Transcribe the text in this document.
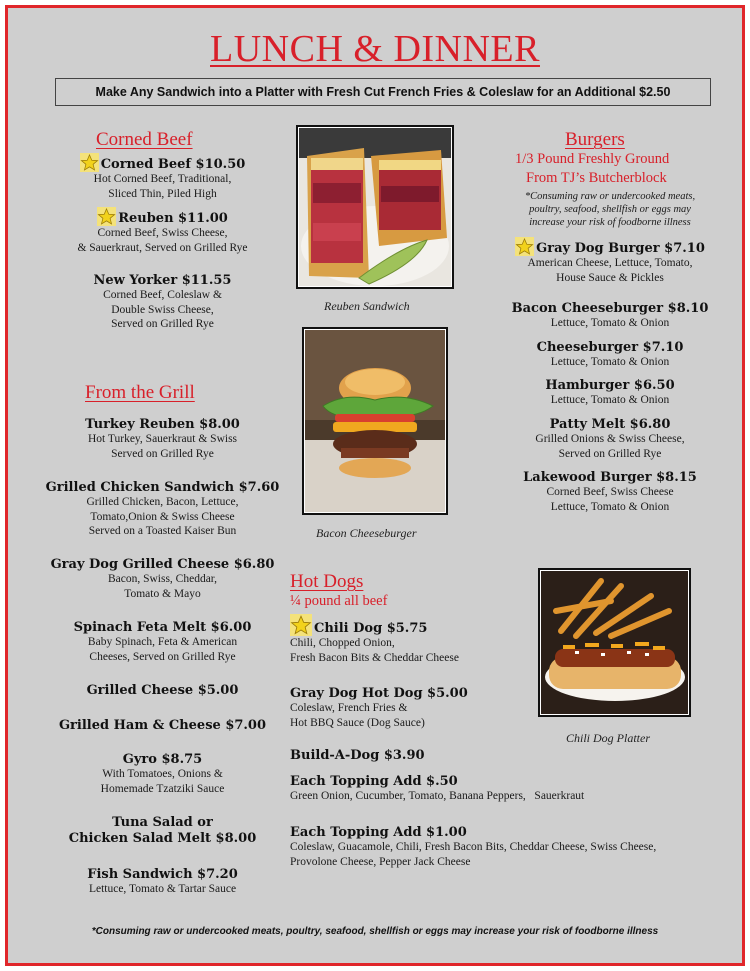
LUNCH & DINNER
Make Any Sandwich into a Platter with Fresh Cut French Fries & Coleslaw for an Additional $2.50
Corned Beef
Corned Beef $10.50
Hot Corned Beef, Traditional,
Sliced Thin, Piled High
Reuben $11.00
Corned Beef, Swiss Cheese,
& Sauerkraut, Served on Grilled Rye
New Yorker $11.55
Corned Beef, Coleslaw &
Double Swiss Cheese,
Served on Grilled Rye
From the Grill
Turkey Reuben $8.00
Hot Turkey, Sauerkraut & Swiss
Served on Grilled Rye
Grilled Chicken Sandwich $7.60
Grilled Chicken, Bacon, Lettuce,
Tomato,Onion & Swiss Cheese
Served on a Toasted Kaiser Bun
Gray Dog Grilled Cheese $6.80
Bacon, Swiss, Cheddar,
Tomato & Mayo
Spinach Feta Melt $6.00
Baby Spinach, Feta & American
Cheeses, Served on Grilled Rye
Grilled Cheese $5.00
Grilled Ham & Cheese $7.00
Gyro $8.75
With Tomatoes, Onions &
Homemade Tzatziki Sauce
Tuna Salad or
Chicken Salad Melt $8.00
Fish Sandwich $7.20
Lettuce, Tomato & Tartar Sauce
Reuben Sandwich
Bacon Cheeseburger
Burgers
1/3 Pound Freshly Ground
From TJ’s Butcherblock
*Consuming raw or undercooked meats,
poultry, seafood, shellfish or eggs may
increase your risk of foodborne illness
Gray Dog Burger $7.10
American Cheese, Lettuce, Tomato,
House Sauce & Pickles
Bacon Cheeseburger $8.10
Lettuce, Tomato & Onion
Cheeseburger $7.10
Lettuce, Tomato & Onion
Hamburger $6.50
Lettuce, Tomato & Onion
Patty Melt $6.80
Grilled Onions & Swiss Cheese,
Served on Grilled Rye
Lakewood Burger $8.15
Corned Beef, Swiss Cheese
Lettuce, Tomato & Onion
Hot Dogs
¼ pound all beef
Chili Dog $5.75
Chili, Chopped Onion,
Fresh Bacon Bits & Cheddar Cheese
Gray Dog Hot Dog $5.00
Coleslaw, French Fries &
Hot BBQ Sauce (Dog Sauce)
Build-A-Dog $3.90
Each Topping Add $.50
Green Onion, Cucumber, Tomato, Banana Peppers,   Sauerkraut
Each Topping Add $1.00
Coleslaw, Guacamole, Chili, Fresh Bacon Bits, Cheddar Cheese, Swiss Cheese,
Provolone Cheese, Pepper Jack Cheese
Chili Dog Platter
*Consuming raw or undercooked meats, poultry, seafood, shellfish or eggs may increase your risk of foodborne illness
